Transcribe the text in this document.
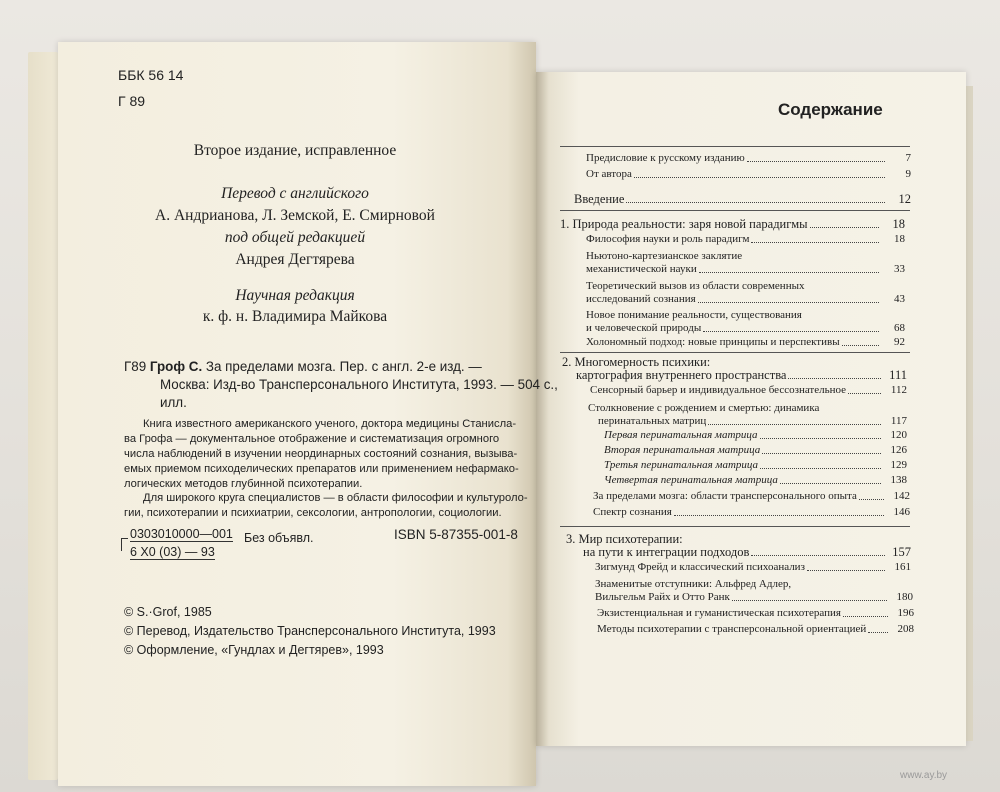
ББК 56 14
Г 89
Второе издание, исправленное
Перевод с английского
А. Андрианова, Л. Земской, Е. Смирновой
под общей редакцией
Андрея Дегтярева
Научная редакция
к. ф. н. Владимира Майкова
Г89 Гроф С. За пределами мозга. Пер. с англ. 2-е изд. —
Москва: Изд-во Трансперсонального Института, 1993. — 504 с.,
илл.
Книга известного американского ученого, доктора медицины Станисла-
ва Грофа — документальное отображение и систематизация огромного
числа наблюдений в изучении неординарных состояний сознания, вызыва-
емых приемом психоделических препаратов или применением нефармако-
логических методов глубинной психотерапии.
Для широкого круга специалистов — в области философии и культуроло-
гии, психотерапии и психиатрии, сексологии, антропологии, социологии.
0303010000—001
6 Х0 (03) — 93
Без объявл.	ISBN 5-87355-001-8
© S.·Grof, 1985
© Перевод, Издательство Трансперсонального Института, 1993
© Оформление, «Гундлах и Дегтярев», 1993
Содержание
Предисловие к русскому изданию	7
От автора	9
Введение	12
1. Природа реальности: заря новой парадигмы	18
Философия науки и роль парадигм	18
Ньютоно-картезианское заклятие
механистической науки	33
Теоретический вызов из области современных
исследований сознания	43
Новое понимание реальности, существования
и человеческой природы	68
Холономный подход: новые принципы и перспективы	92
2. Многомерность психики:
картография внутреннего пространства	111
Сенсорный барьер и индивидуальное бессознательное	112
Столкновение с рождением и смертью: динамика
перинатальных матриц	117
Первая перинатальная матрица	120
Вторая перинатальная матрица	126
Третья перинатальная матрица	129
Четвертая перинатальная матрица	138
За пределами мозга: области трансперсонального опыта	142
Спектр сознания	146
3. Мир психотерапии:
на пути к интеграции подходов	157
Зигмунд Фрейд и классический психоанализ	161
Знаменитые отступники: Альфред Адлер,
Вильгельм Райх и Отто Ранк	180
Экзистенциальная и гуманистическая психотерапия	196
Методы психотерапии с трансперсональной ориентацией	208
www.ay.by
